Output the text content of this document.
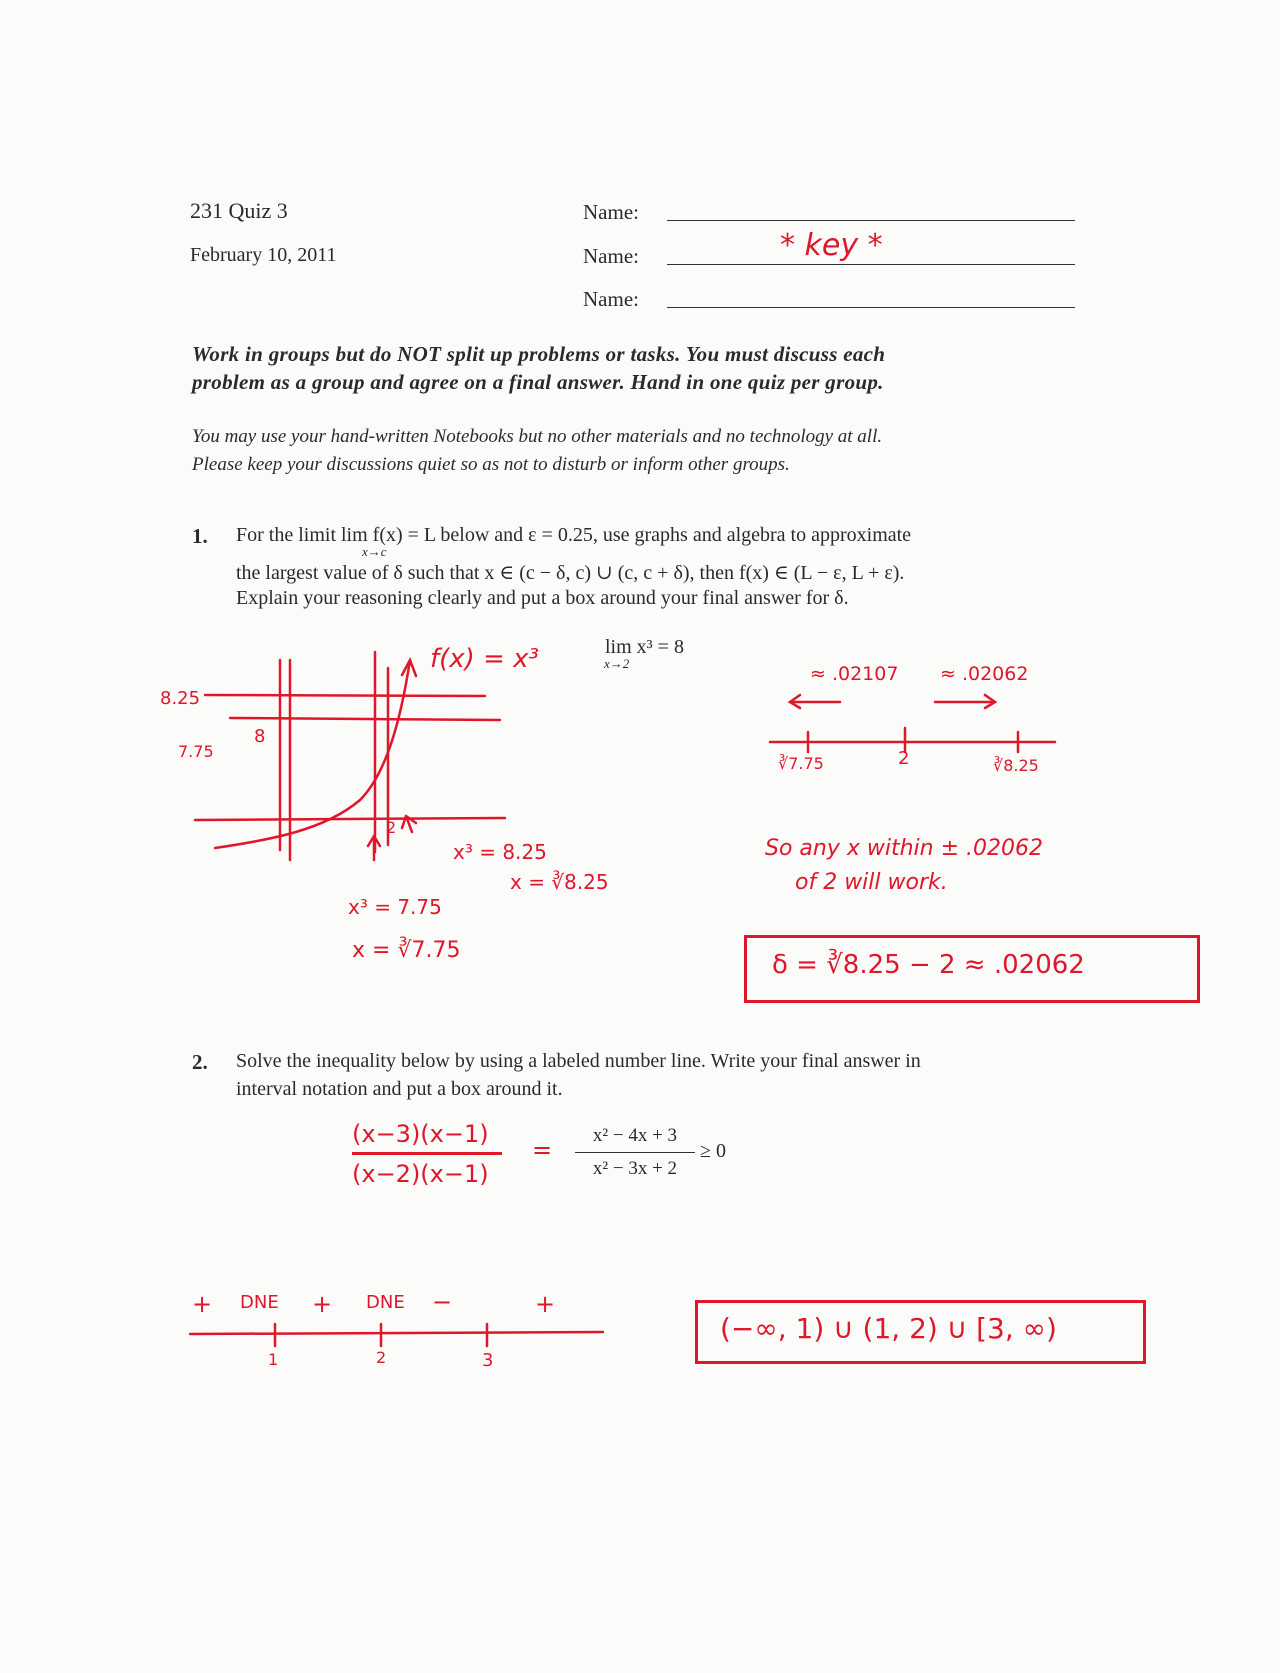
231 Quiz 3
February 10, 2011
Name:
Name:	* key *
Name:
Work in groups but do NOT split up problems or tasks. You must discuss each
problem as a group and agree on a final answer. Hand in one quiz per group.
You may use your hand-written Notebooks but no other materials and no technology at all.
Please keep your discussions quiet so as not to disturb or inform other groups.
1. For the limit lim f(x) = L below and ε = 0.25, use graphs and algebra to approximate
x→c
the largest value of δ such that x ∈ (c − δ, c) ∪ (c, c + δ), then f(x) ∈ (L − ε, L + ε).
Explain your reasoning clearly and put a box around your final answer for δ.
lim x³ = 8
x→2
f(x) = x³
8.25
7.75
8
2
x³ = 8.25
x = ∛8.25
x³ = 7.75
x = ∛7.75
≈ .02107 ≈ .02062
∛7.75	2	∛8.25
So any x within ± .02062
of 2 will work.
δ = ∛8.25 − 2 ≈ .02062
2. Solve the inequality below by using a labeled number line. Write your final answer in
interval notation and put a box around it.
x² − 4x + 3
x² − 3x + 2
≥ 0
(x−3)(x−1)
(x−2)(x−1)
=
+ DNE + DNE −	+
1	2	3
(−∞, 1) ∪ (1, 2) ∪ [3, ∞)
